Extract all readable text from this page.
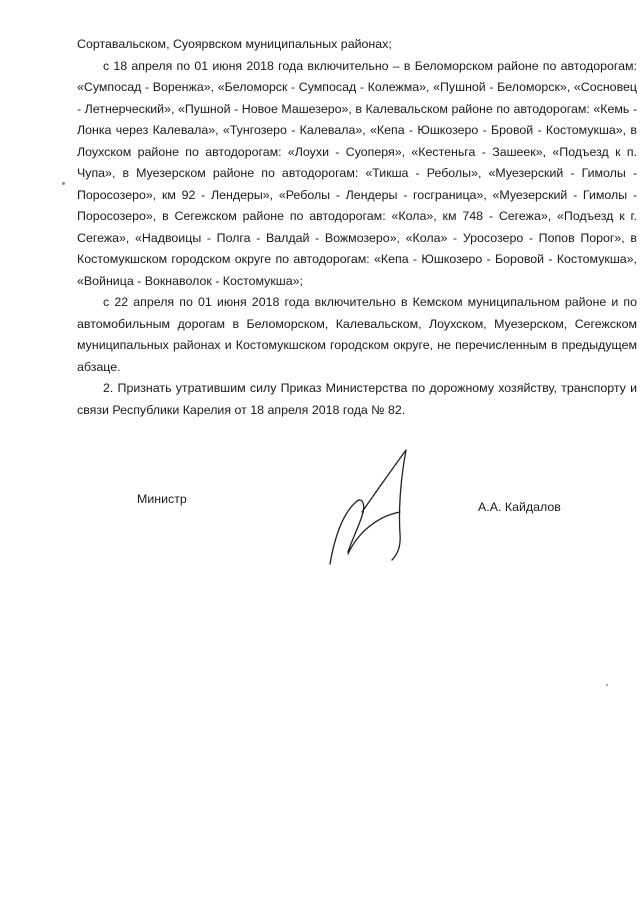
Сортавальском, Суоярвском муниципальных районах;

с 18 апреля по 01 июня 2018 года включительно – в Беломорском районе по автодорогам: «Сумпосад - Воренжа», «Беломорск - Сумпосад - Колежма», «Пушной - Беломорск», «Сосновец - Летнерческий», «Пушной - Новое Машезеро», в Калевальском районе по автодорогам: «Кемь - Лонка через Калевала», «Тунгозеро - Калевала», «Кепа - Юшкозеро - Бровой - Костомукша», в Лоухском районе по автодорогам: «Лоухи - Суоперя», «Кестеньга - Зашеек», «Подъезд к п. Чупа», в Муезерском районе по автодорогам: «Тикша - Реболы», «Муезерский - Гимолы - Поросозеро», км 92 - Лендеры», «Реболы - Лендеры - госграница», «Муезерский - Гимолы - Поросозеро», в Сегежском районе по автодорогам: «Кола», км 748 - Сегежа», «Подъезд к г. Сегежа», «Надвоицы - Полга - Валдай - Вожмозеро», «Кола» - Уросозеро - Попов Порог», в Костомукшском городском округе по автодорогам: «Кепа - Юшкозеро - Боровой - Костомукша», «Войница - Вокнаволок - Костомукша»;

с 22 апреля по 01 июня 2018 года включительно в Кемском муниципальном районе и по автомобильным дорогам в Беломорском, Калевальском, Лоухском, Муезерском, Сегежском муниципальных районах и Костомукшском городском округе, не перечисленным в предыдущем абзаце.

2. Признать утратившим силу Приказ Министерства по дорожному хозяйству, транспорту и связи Республики Карелия от 18 апреля 2018 года № 82.

Министр
А.А. Кайдалов
